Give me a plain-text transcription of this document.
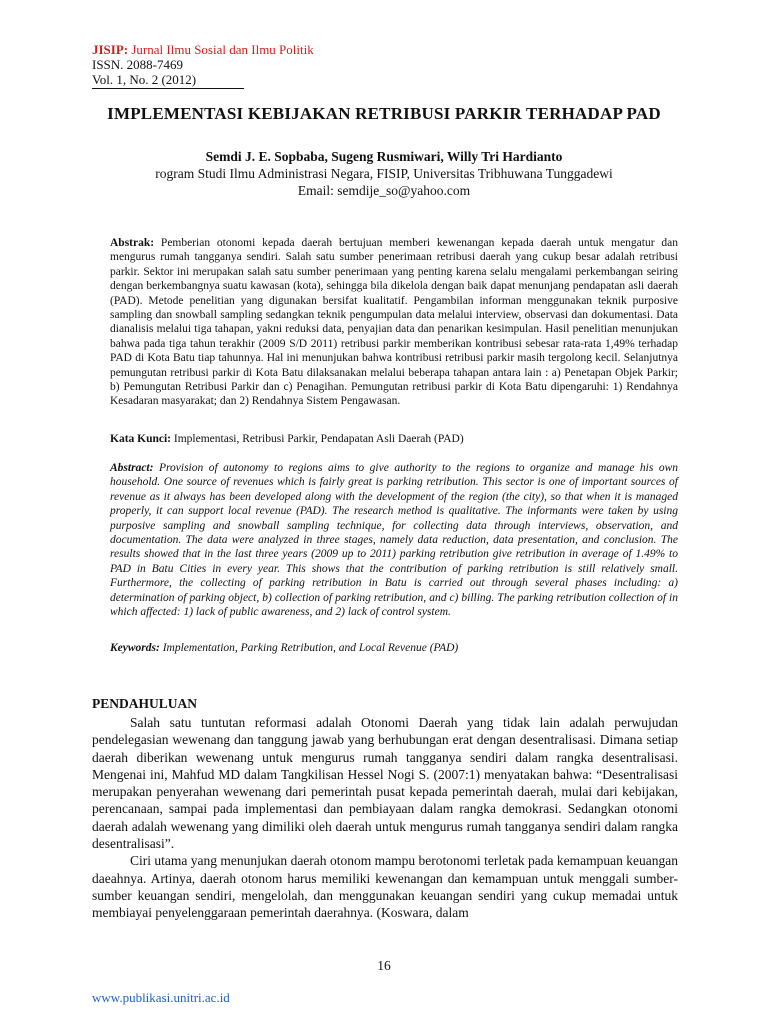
JISIP: Jurnal Ilmu Sosial dan Ilmu Politik
ISSN. 2088-7469
Vol. 1, No. 2 (2012)
IMPLEMENTASI KEBIJAKAN RETRIBUSI PARKIR TERHADAP PAD
Semdi J. E. Sopbaba, Sugeng Rusmiwari, Willy Tri Hardianto
rogram Studi Ilmu Administrasi Negara, FISIP, Universitas Tribhuwana Tunggadewi
Email: semdije_so@yahoo.com
Abstrak: Pemberian otonomi kepada daerah bertujuan memberi kewenangan kepada daerah untuk mengatur dan mengurus rumah tangganya sendiri. Salah satu sumber penerimaan retribusi daerah yang cukup besar adalah retribusi parkir. Sektor ini merupakan salah satu sumber penerimaan yang penting karena selalu mengalami perkembangan seiring dengan berkembangnya suatu kawasan (kota), sehingga bila dikelola dengan baik dapat menunjang pendapatan asli daerah (PAD). Metode penelitian yang digunakan bersifat kualitatif. Pengambilan informan menggunakan teknik purposive sampling dan snowball sampling sedangkan teknik pengumpulan data melalui interview, observasi dan dokumentasi. Data dianalisis melalui tiga tahapan, yakni reduksi data, penyajian data dan penarikan kesimpulan. Hasil penelitian menunjukan bahwa pada tiga tahun terakhir (2009 S/D 2011) retribusi parkir memberikan kontribusi sebesar rata-rata 1,49% terhadap PAD di Kota Batu tiap tahunnya. Hal ini menunjukan bahwa kontribusi retribusi parkir masih tergolong kecil. Selanjutnya pemungutan retribusi parkir di Kota Batu dilaksanakan melalui beberapa tahapan antara lain : a) Penetapan Objek Parkir; b) Pemungutan Retribusi Parkir dan c) Penagihan. Pemungutan retribusi parkir di Kota Batu dipengaruhi: 1) Rendahnya Kesadaran masyarakat; dan 2) Rendahnya Sistem Pengawasan.
Kata Kunci: Implementasi, Retribusi Parkir, Pendapatan Asli Daerah (PAD)
Abstract: Provision of autonomy to regions aims to give authority to the regions to organize and manage his own household. One source of revenues which is fairly great is parking retribution. This sector is one of important sources of revenue as it always has been developed along with the development of the region (the city), so that when it is managed properly, it can support local revenue (PAD). The research method is qualitative. The informants were taken by using purposive sampling and snowball sampling technique, for collecting data through interviews, observation, and documentation. The data were analyzed in three stages, namely data reduction, data presentation, and conclusion. The results showed that in the last three years (2009 up to 2011) parking retribution give retribution in average of 1.49% to PAD in Batu Cities in every year. This shows that the contribution of parking retribution is still relatively small. Furthermore, the collecting of parking retribution in Batu is carried out through several phases including: a) determination of parking object, b) collection of parking retribution, and c) billing. The parking retribution collection of in which affected: 1) lack of public awareness, and 2) lack of control system.
Keywords: Implementation, Parking Retribution, and Local Revenue (PAD)
PENDAHULUAN

Salah satu tuntutan reformasi adalah Otonomi Daerah yang tidak lain adalah perwujudan pendelegasian wewenang dan tanggung jawab yang berhubungan erat dengan desentralisasi. Dimana setiap daerah diberikan wewenang untuk mengurus rumah tangganya sendiri dalam rangka desentralisasi. Mengenai ini, Mahfud MD dalam Tangkilisan Hessel Nogi S. (2007:1) menyatakan bahwa: “Desentralisasi merupakan penyerahan wewenang dari pemerintah pusat kepada pemerintah daerah, mulai dari kebijakan, perencanaan, sampai pada implementasi dan pembiayaan dalam rangka demokrasi. Sedangkan otonomi daerah adalah wewenang yang dimiliki oleh daerah untuk mengurus rumah tangganya sendiri dalam rangka desentralisasi”.

Ciri utama yang menunjukan daerah otonom mampu berotonomi terletak pada kemampuan keuangan daeahnya. Artinya, daerah otonom harus memiliki kewenangan dan kemampuan untuk menggali sumber-sumber keuangan sendiri, mengelolah, dan menggunakan keuangan sendiri yang cukup memadai untuk membiayai penyelenggaraan pemerintah daerahnya. (Koswara, dalam

16
www.publikasi.unitri.ac.id
